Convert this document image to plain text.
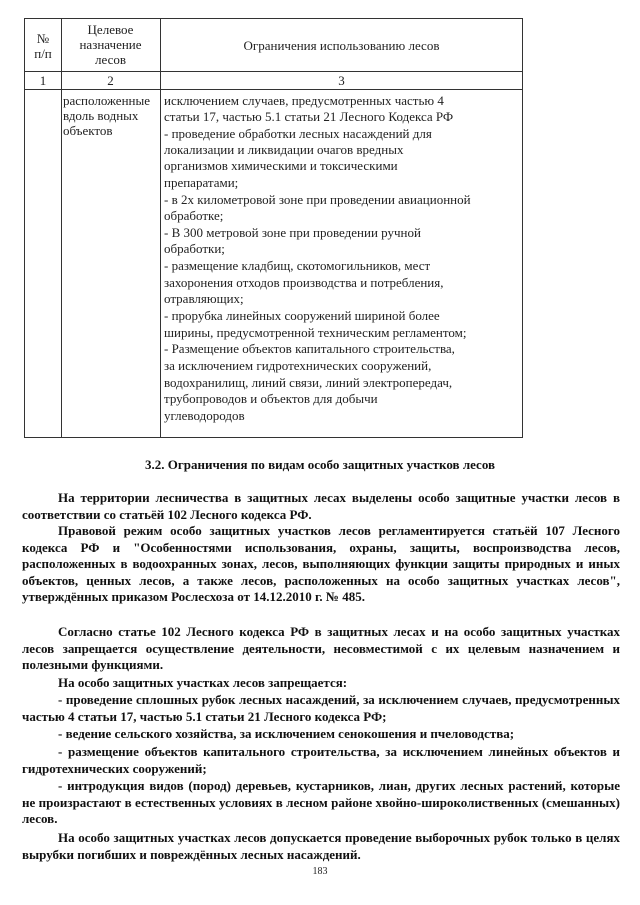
№
п/п
Целевое
назначение
лесов
Ограничения использованию лесов
1	2	3
расположенные
вдоль водных
объектов
исключением случаев, предусмотренных частью 4
статьи 17, частью 5.1 статьи 21 Лесного Кодекса РФ
- проведение обработки лесных насаждений для
локализации и ликвидации очагов вредных
организмов химическими и токсическими
препаратами;
- в 2х километровой зоне при проведении авиационной
обработке;
- В 300 метровой зоне при проведении ручной
обработки;
- размещение кладбищ, скотомогильников, мест
захоронения отходов производства и потребления,
отравляющих;
- прорубка линейных сооружений шириной более
ширины, предусмотренной техническим регламентом;
- Размещение объектов капитального строительства,
за исключением гидротехнических сооружений,
водохранилищ, линий связи, линий электропередач,
трубопроводов и объектов для добычи
углеводородов
3.2. Ограничения по видам особо защитных участков лесов
На территории лесничества в защитных лесах выделены особо защитные участки лесов в соответствии со статьёй 102 Лесного кодекса РФ.
Правовой режим особо защитных участков лесов регламентируется статьёй 107 Лесного кодекса РФ и "Особенностями использования, охраны, защиты, воспроизводства лесов, расположенных в водоохранных зонах, лесов, выполняющих функции защиты природных и иных объектов, ценных лесов, а также лесов, расположенных на особо защитных участках лесов", утверждённых приказом Рослесхоза от 14.12.2010 г. № 485.
Согласно статье 102 Лесного кодекса РФ в защитных лесах и на особо защитных участках лесов запрещается осуществление деятельности, несовместимой с их целевым назначением и полезными функциями.
На особо защитных участках лесов запрещается:
- проведение сплошных рубок лесных насаждений, за исключением случаев, предусмотренных частью 4 статьи 17, частью 5.1 статьи 21 Лесного кодекса РФ;
- ведение сельского хозяйства, за исключением сенокошения и пчеловодства;
- размещение объектов капитального строительства, за исключением линейных объектов и гидротехнических сооружений;
- интродукция видов (пород) деревьев, кустарников, лиан, других лесных растений, которые не произрастают в естественных условиях в лесном районе хвойно-широколиственных (смешанных) лесов.
На особо защитных участках лесов допускается проведение выборочных рубок только в целях вырубки погибших и повреждённых лесных насаждений.
183
